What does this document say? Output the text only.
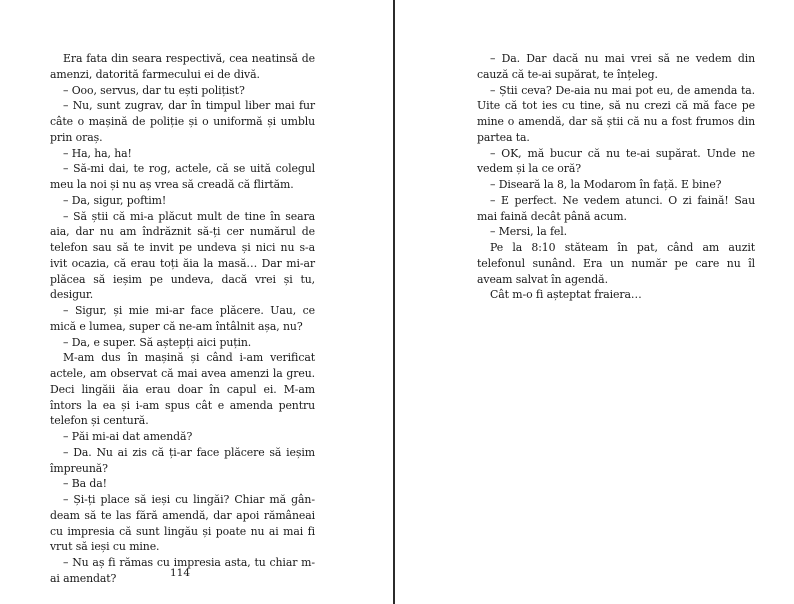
Era fata din seara respectivă, cea neatinsă de amenzi, datorită farmecului ei de divă.

– Ooo, servus, dar tu ești polițist?

– Nu, sunt zugrav, dar în timpul liber mai fur câte o mașină de poliție și o uniformă și umblu prin oraș.

– Ha, ha, ha!

– Să-mi dai, te rog, actele, că se uită colegul meu la noi și nu aș vrea să creadă că flirtăm.

– Da, sigur, poftim!

– Să știi că mi-a plăcut mult de tine în seara aia, dar nu am îndrăznit să-ți cer numărul de telefon sau să te invit pe undeva și nici nu s-a ivit ocazia, că erau toți ăia la masă… Dar mi-ar plăcea să ieșim pe undeva, dacă vrei și tu, desigur.

– Sigur, și mie mi-ar face plăcere. Uau, ce mică e lumea, super că ne-am întâlnit așa, nu?

– Da, e super. Să aștepți aici puțin.

M-am dus în mașină și când i-am verificat actele, am observat că mai avea amenzi la greu. Deci lingăii ăia erau doar în capul ei. M-am întors la ea și i-am spus cât e amenda pentru telefon și centură.

– Păi mi-ai dat amendă?

– Da. Nu ai zis că ți-ar face plăcere să ieșim împreună?

– Ba da!

– Și-ți place să ieși cu lingăi? Chiar mă gândeam să te las fără amendă, dar apoi rămâneai cu impresia că sunt lingău și poate nu ai mai fi vrut să ieși cu mine.

– Nu aș fi rămas cu impresia asta, tu chiar m-ai amendat?	114

– Da. Dar dacă nu mai vrei să ne vedem din cauză că te-ai supărat, te înțeleg.

– Știi ceva? De-aia nu mai pot eu, de amenda ta. Uite că tot ies cu tine, să nu crezi că mă face pe mine o amendă, dar să știi că nu a fost frumos din partea ta.

– OK, mă bucur că nu te-ai supărat. Unde ne vedem și la ce oră?

– Diseară la 8, la Modarom în față. E bine?

– E perfect. Ne vedem atunci. O zi faină! Sau mai faină decât până acum.

– Mersi, la fel.

Pe la 8:10 stăteam în pat, când am auzit telefonul sunând. Era un număr pe care nu îl aveam salvat în agendă.

Cât m-o fi așteptat fraiera…
